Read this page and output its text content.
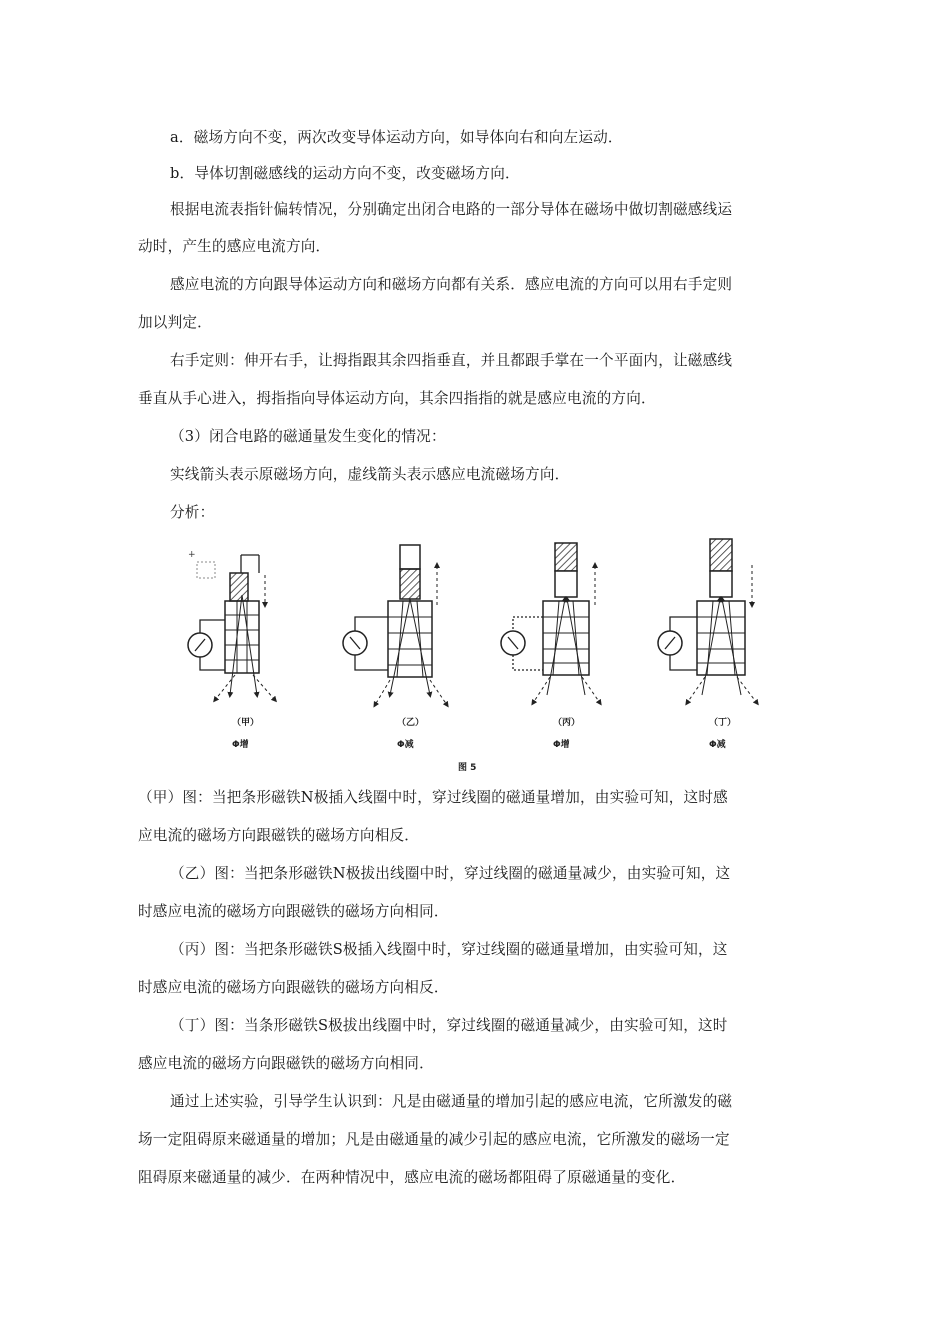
a．磁场方向不变，两次改变导体运动方向，如导体向右和向左运动．
b．导体切割磁感线的运动方向不变，改变磁场方向．
根据电流表指针偏转情况，分别确定出闭合电路的一部分导体在磁场中做切割磁感线运
动时，产生的感应电流方向．
感应电流的方向跟导体运动方向和磁场方向都有关系．感应电流的方向可以用右手定则
加以判定．
右手定则：伸开右手，让拇指跟其余四指垂直，并且都跟手掌在一个平面内，让磁感线
垂直从手心进入，拇指指向导体运动方向，其余四指指的就是感应电流的方向．
（3）闭合电路的磁通量发生变化的情况：
实线箭头表示原磁场方向，虚线箭头表示感应电流磁场方向．
分析：
+
（甲）
Φ增
（乙）
Φ减
（丙）
Φ增
（丁）
Φ减
图 5
（甲）图：当把条形磁铁N极插入线圈中时，穿过线圈的磁通量增加，由实验可知，这时感
应电流的磁场方向跟磁铁的磁场方向相反．
（乙）图：当把条形磁铁N极拔出线圈中时，穿过线圈的磁通量减少，由实验可知，这
时感应电流的磁场方向跟磁铁的磁场方向相同．
（丙）图：当把条形磁铁S极插入线圈中时，穿过线圈的磁通量增加，由实验可知，这
时感应电流的磁场方向跟磁铁的磁场方向相反．
（丁）图：当条形磁铁S极拔出线圈中时，穿过线圈的磁通量减少，由实验可知，这时
感应电流的磁场方向跟磁铁的磁场方向相同．
通过上述实验，引导学生认识到：凡是由磁通量的增加引起的感应电流，它所激发的磁
场一定阻碍原来磁通量的增加；凡是由磁通量的减少引起的感应电流，它所激发的磁场一定
阻碍原来磁通量的减少．在两种情况中，感应电流的磁场都阻碍了原磁通量的变化．
